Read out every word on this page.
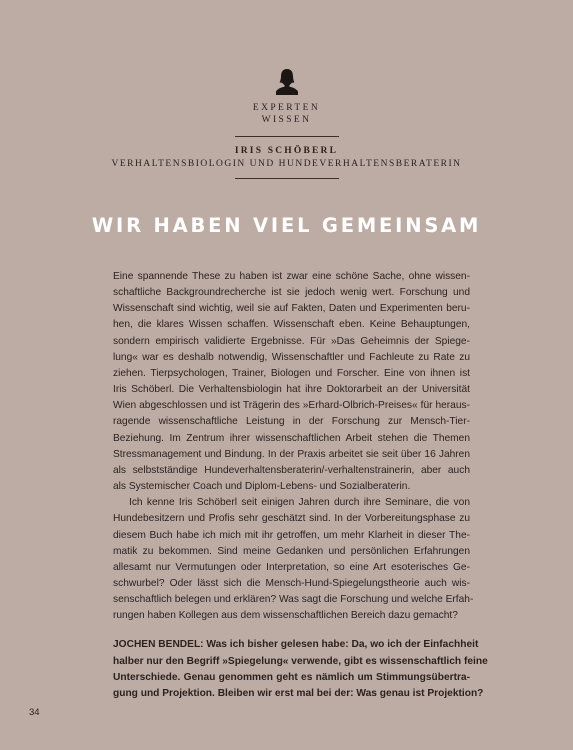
EXPERTEN
WISSEN
IRIS SCHÖBERL
VERHALTENSBIOLOGIN UND HUNDEVERHALTENSBERATERIN
WIR HABEN VIEL GEMEINSAM
Eine spannende These zu haben ist zwar eine schöne Sache, ohne wissen-
schaftliche Backgroundrecherche ist sie jedoch wenig wert. Forschung und
Wissenschaft sind wichtig, weil sie auf Fakten, Daten und Experimenten beru-
hen, die klares Wissen schaffen. Wissenschaft eben. Keine Behauptungen,
sondern empirisch validierte Ergebnisse. Für »Das Geheimnis der Spiege-
lung« war es deshalb notwendig, Wissenschaftler und Fachleute zu Rate zu
ziehen. Tierpsychologen, Trainer, Biologen und Forscher. Eine von ihnen ist
Iris Schöberl. Die Verhaltensbiologin hat ihre Doktorarbeit an der Universität
Wien abgeschlossen und ist Trägerin des »Erhard-Olbrich-Preises« für heraus-
ragende wissenschaftliche Leistung in der Forschung zur Mensch-Tier-
Beziehung. Im Zentrum ihrer wissenschaftlichen Arbeit stehen die Themen
Stressmanagement und Bindung. In der Praxis arbeitet sie seit über 16 Jahren
als selbstständige Hundeverhaltensberaterin/-verhaltenstrainerin, aber auch
als Systemischer Coach und Diplom-Lebens- und Sozialberaterin.
Ich kenne Iris Schöberl seit einigen Jahren durch ihre Seminare, die von
Hundebesitzern und Profis sehr geschätzt sind. In der Vorbereitungsphase zu
diesem Buch habe ich mich mit ihr getroffen, um mehr Klarheit in dieser The-
matik zu bekommen. Sind meine Gedanken und persönlichen Erfahrungen
allesamt nur Vermutungen oder Interpretation, so eine Art esoterisches Ge-
schwurbel? Oder lässt sich die Mensch-Hund-Spiegelungstheorie auch wis-
senschaftlich belegen und erklären? Was sagt die Forschung und welche Erfah-
rungen haben Kollegen aus dem wissenschaftlichen Bereich dazu gemacht?
JOCHEN BENDEL: Was ich bisher gelesen habe: Da, wo ich der Einfachheit
halber nur den Begriff »Spiegelung« verwende, gibt es wissenschaftlich feine
Unterschiede. Genau genommen geht es nämlich um Stimmungsübertra-
gung und Projektion. Bleiben wir erst mal bei der: Was genau ist Projektion?
34
